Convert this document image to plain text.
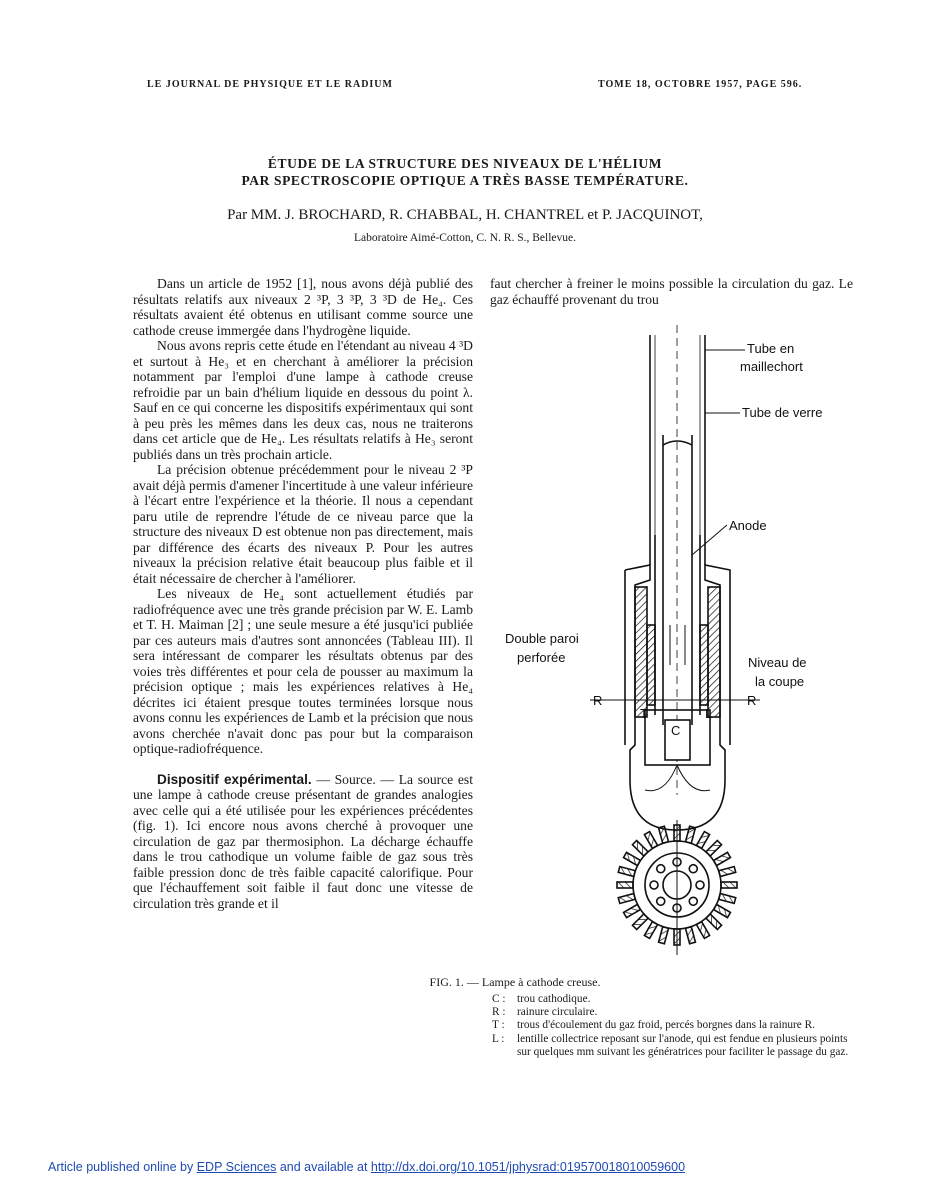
LE JOURNAL DE PHYSIQUE ET LE RADIUM	TOME 18, OCTOBRE 1957, PAGE 596.
ÉTUDE DE LA STRUCTURE DES NIVEAUX DE L'HÉLIUM
PAR SPECTROSCOPIE OPTIQUE A TRÈS BASSE TEMPÉRATURE.
Par MM. J. BROCHARD, R. CHABBAL, H. CHANTREL et P. JACQUINOT,
Laboratoire Aimé-Cotton, C. N. R. S., Bellevue.

Dans un article de 1952 [1], nous avons déjà publié des résultats relatifs aux niveaux 2 ³P, 3 ³P, 3 ³D de He₄. Ces résultats avaient été obtenus en utilisant comme source une cathode creuse immergée dans l'hydrogène liquide.

Nous avons repris cette étude en l'étendant au niveau 4 ³D et surtout à He₃ et en cherchant à améliorer la précision notamment par l'emploi d'une lampe à cathode creuse refroidie par un bain d'hélium liquide en dessous du point λ. Sauf en ce qui concerne les dispositifs expérimentaux qui sont à peu près les mêmes dans les deux cas, nous ne traiterons dans cet article que de He₄. Les résultats relatifs à He₃ seront publiés dans un très prochain article.

La précision obtenue précédemment pour le niveau 2 ³P avait déjà permis d'amener l'incertitude à une valeur inférieure à l'écart entre l'expérience et la théorie. Il nous a cependant paru utile de reprendre l'étude de ce niveau parce que la structure des niveaux D est obtenue non pas directement, mais par différence des écarts des niveaux P. Pour les autres niveaux la précision relative était beaucoup plus faible et il était nécessaire de chercher à l'améliorer.

Les niveaux de He₄ sont actuellement étudiés par radiofréquence avec une très grande précision par W. E. Lamb et T. H. Maiman [2] ; une seule mesure a été jusqu'ici publiée par ces auteurs mais d'autres sont annoncées (Tableau III). Il sera intéressant de comparer les résultats obtenus par des voies très différentes et pour cela de pousser au maximum la précision optique ; mais les expériences relatives à He₄ décrites ici étaient presque toutes terminées lorsque nous avons connu les expériences de Lamb et la précision que nous avons cherchée n'avait donc pas pour but la comparaison optique-radiofréquence.

Dispositif expérimental. — Source. — La source est une lampe à cathode creuse présentant de grandes analogies avec celle qui a été utilisée pour les expériences précédentes (fig. 1). Ici encore nous avons cherché à provoquer une circulation de gaz par thermosiphon. La décharge échauffe dans le trou cathodique un volume faible de gaz sous très faible pression donc de très faible capacité calorifique. Pour que l'échauffement soit faible il faut donc une vitesse de circulation très grande et il

faut chercher à freiner le moins possible la circulation du gaz. Le gaz échauffé provenant du trou

Tube en
maillechort
Tube de verre
Anode
Double paroi
perforée	Niveau de
la coupe
R	R
T
C
L
FIG. 1. — Lampe à cathode creuse.
C :	trou cathodique.
R :	rainure circulaire.
T :	trous d'écoulement du gaz froid, percés borgnes dans la rainure R.
L :	lentille collectrice reposant sur l'anode, qui est fendue en plusieurs points sur quelques mm suivant les génératrices pour faciliter le passage du gaz.
Article published online by EDP Sciences and available at http://dx.doi.org/10.1051/jphysrad:019570018010059600
